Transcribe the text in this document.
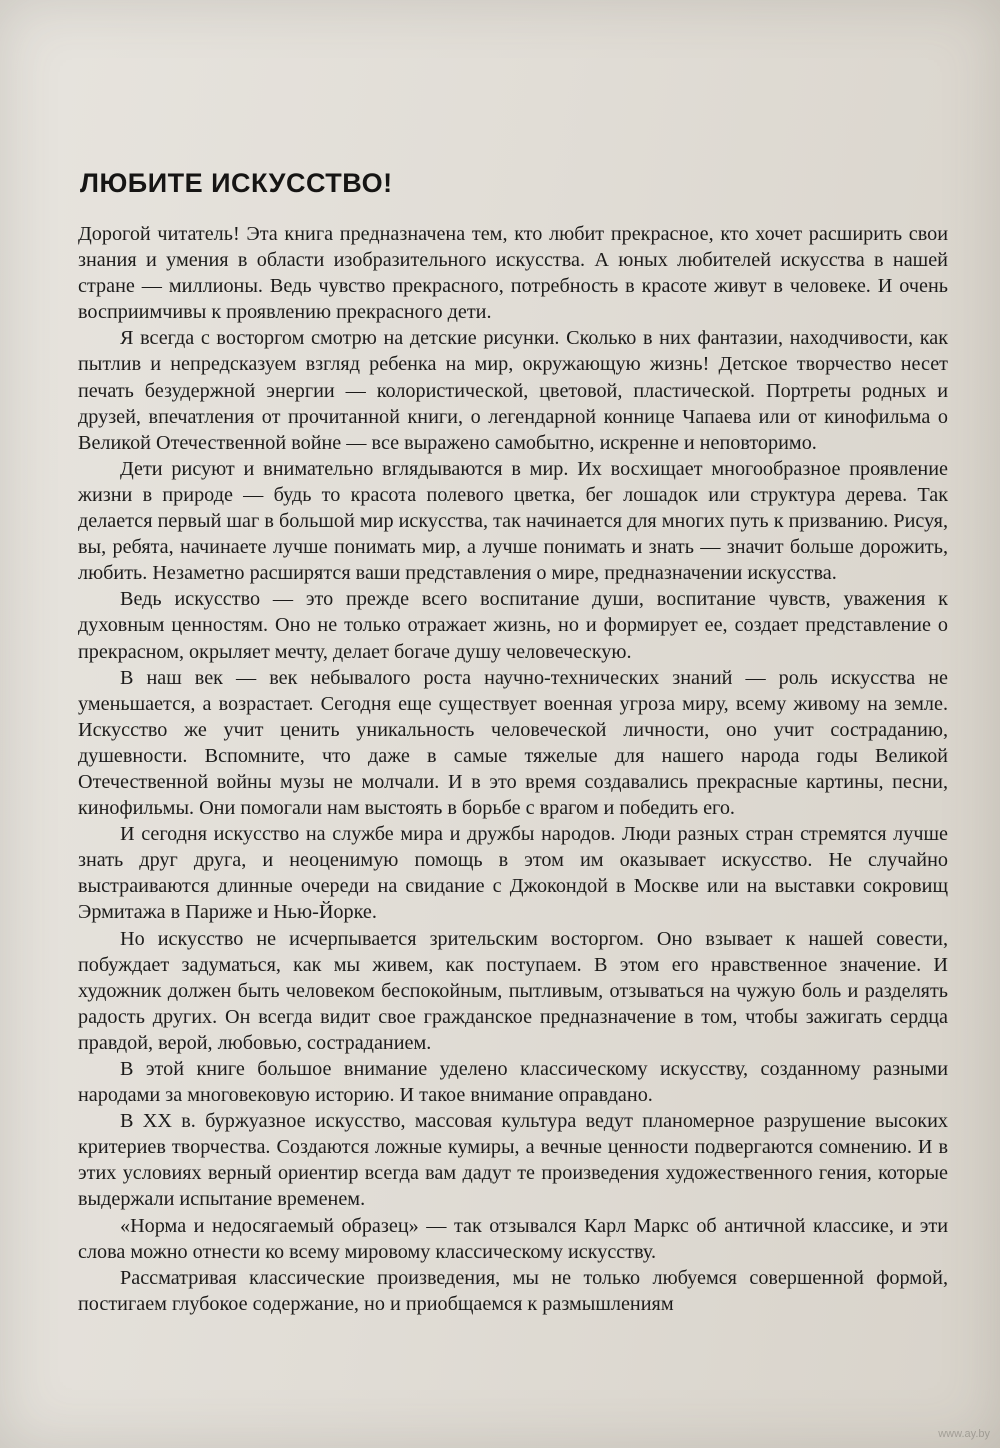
ЛЮБИТЕ ИСКУССТВО!

Дорогой читатель! Эта книга предназначена тем, кто любит прекрасное, кто хочет расширить свои знания и умения в области изобразительного искусства. А юных любителей искусства в нашей стране — миллионы. Ведь чувство прекрасного, потребность в красоте живут в человеке. И очень восприимчивы к проявлению прекрасного дети.

Я всегда с восторгом смотрю на детские рисунки. Сколько в них фантазии, находчивости, как пытлив и непредсказуем взгляд ребенка на мир, окружающую жизнь! Детское творчество несет печать безудержной энергии — колористической, цветовой, пластической. Портреты родных и друзей, впечатления от прочитанной книги, о легендарной коннице Чапаева или от кинофильма о Великой Отечественной войне — все выражено самобытно, искренне и неповторимо.

Дети рисуют и внимательно вглядываются в мир. Их восхищает многообразное проявление жизни в природе — будь то красота полевого цветка, бег лошадок или структура дерева. Так делается первый шаг в большой мир искусства, так начинается для многих путь к призванию. Рисуя, вы, ребята, начинаете лучше понимать мир, а лучше понимать и знать — значит больше дорожить, любить. Незаметно расширятся ваши представления о мире, предназначении искусства.

Ведь искусство — это прежде всего воспитание души, воспитание чувств, уважения к духовным ценностям. Оно не только отражает жизнь, но и формирует ее, создает представление о прекрасном, окрыляет мечту, делает богаче душу человеческую.

В наш век — век небывалого роста научно-технических знаний — роль искусства не уменьшается, а возрастает. Сегодня еще существует военная угроза миру, всему живому на земле. Искусство же учит ценить уникальность человеческой личности, оно учит состраданию, душевности. Вспомните, что даже в самые тяжелые для нашего народа годы Великой Отечественной войны музы не молчали. И в это время создавались прекрасные картины, песни, кинофильмы. Они помогали нам выстоять в борьбе с врагом и победить его.

И сегодня искусство на службе мира и дружбы народов. Люди разных стран стремятся лучше знать друг друга, и неоценимую помощь в этом им оказывает искусство. Не случайно выстраиваются длинные очереди на свидание с Джокондой в Москве или на выставки сокровищ Эрмитажа в Париже и Нью-Йорке.

Но искусство не исчерпывается зрительским восторгом. Оно взывает к нашей совести, побуждает задуматься, как мы живем, как поступаем. В этом его нравственное значение. И художник должен быть человеком беспокойным, пытливым, отзываться на чужую боль и разделять радость других. Он всегда видит свое гражданское предназначение в том, чтобы зажигать сердца правдой, верой, любовью, состраданием.

В этой книге большое внимание уделено классическому искусству, созданному разными народами за многовековую историю. И такое внимание оправдано.

В XX в. буржуазное искусство, массовая культура ведут планомерное разрушение высоких критериев творчества. Создаются ложные кумиры, а вечные ценности подвергаются сомнению. И в этих условиях верный ориентир всегда вам дадут те произведения художественного гения, которые выдержали испытание временем.

«Норма и недосягаемый образец» — так отзывался Карл Маркс об античной классике, и эти слова можно отнести ко всему мировому классическому искусству.

Рассматривая классические произведения, мы не только любуемся совершенной формой, постигаем глубокое содержание, но и приобщаемся к размышлениям

www.ay.by
